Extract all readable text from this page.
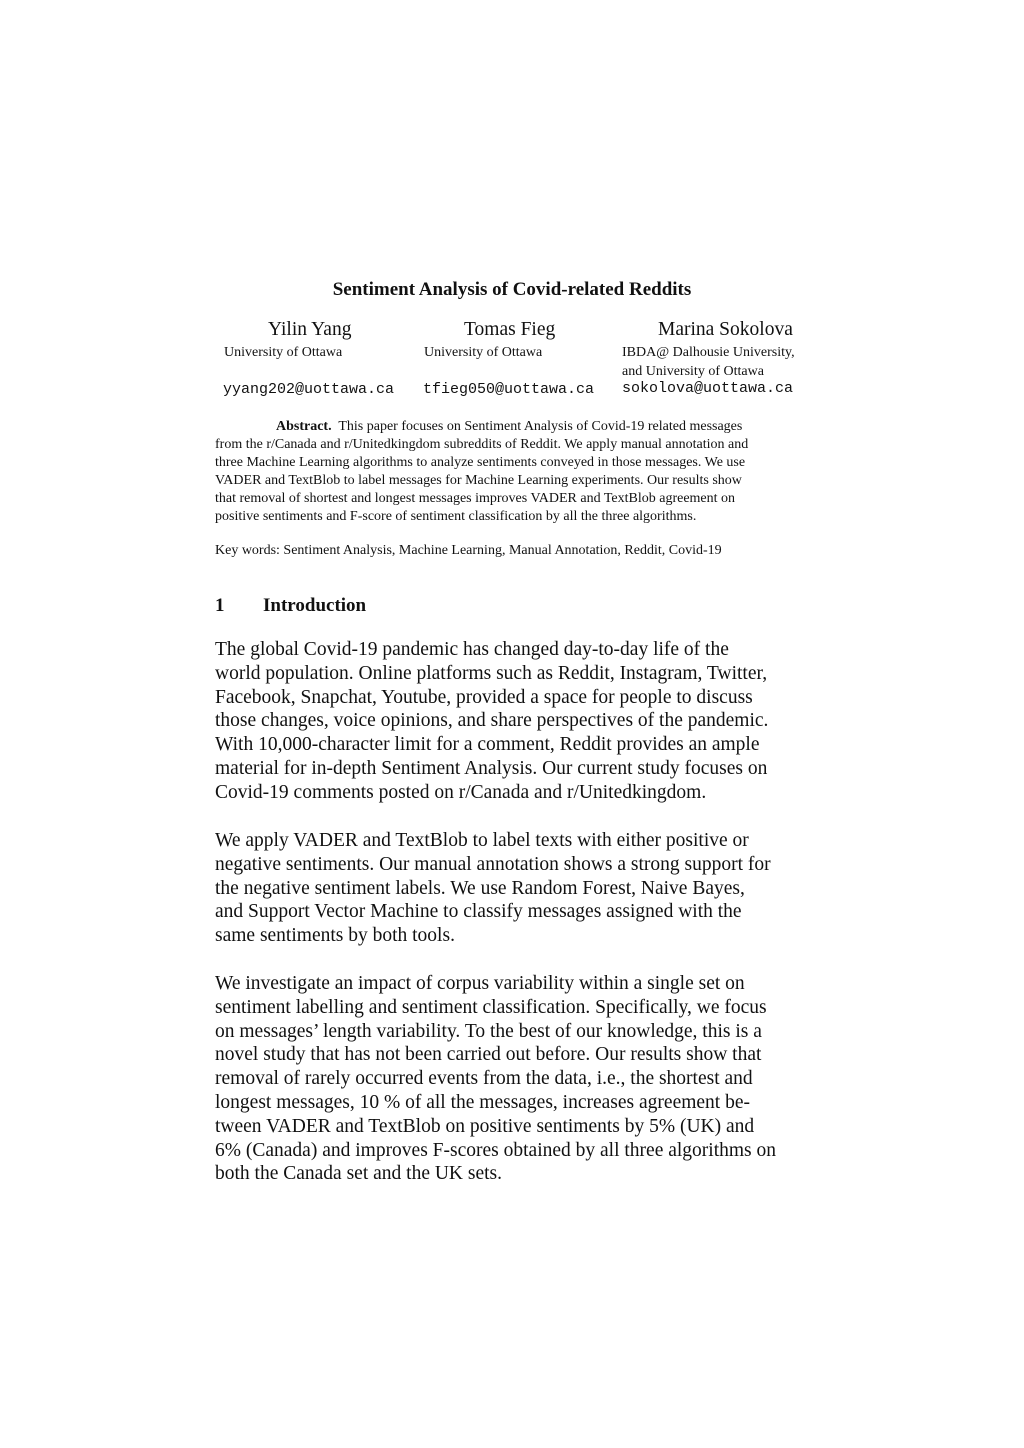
Sentiment Analysis of Covid-related Reddits
Yilin Yang
University of Ottawa
yyang202@uottawa.ca
Tomas Fieg
University of Ottawa
tfieg050@uottawa.ca
Marina Sokolova
IBDA@ Dalhousie University,
and University of Ottawa
sokolova@uottawa.ca
Abstract. This paper focuses on Sentiment Analysis of Covid-19 related messages
from the r/Canada and r/Unitedkingdom subreddits of Reddit. We apply manual annotation and
three Machine Learning algorithms to analyze sentiments conveyed in those messages. We use
VADER and TextBlob to label messages for Machine Learning experiments. Our results show
that removal of shortest and longest messages improves VADER and TextBlob agreement on
positive sentiments and F-score of sentiment classification by all the three algorithms.
Key words: Sentiment Analysis, Machine Learning, Manual Annotation, Reddit, Covid-19
1 Introduction
The global Covid-19 pandemic has changed day-to-day life of the
world population. Online platforms such as Reddit, Instagram, Twitter,
Facebook, Snapchat, Youtube, provided a space for people to discuss
those changes, voice opinions, and share perspectives of the pandemic.
With 10,000-character limit for a comment, Reddit provides an ample
material for in-depth Sentiment Analysis. Our current study focuses on
Covid-19 comments posted on r/Canada and r/Unitedkingdom.
We apply VADER and TextBlob to label texts with either positive or
negative sentiments. Our manual annotation shows a strong support for
the negative sentiment labels. We use Random Forest, Naive Bayes,
and Support Vector Machine to classify messages assigned with the
same sentiments by both tools.
We investigate an impact of corpus variability within a single set on
sentiment labelling and sentiment classification. Specifically, we focus
on messages’ length variability. To the best of our knowledge, this is a
novel study that has not been carried out before. Our results show that
removal of rarely occurred events from the data, i.e., the shortest and
longest messages, 10 % of all the messages, increases agreement be-
tween VADER and TextBlob on positive sentiments by 5% (UK) and
6% (Canada) and improves F-scores obtained by all three algorithms on
both the Canada set and the UK sets.
